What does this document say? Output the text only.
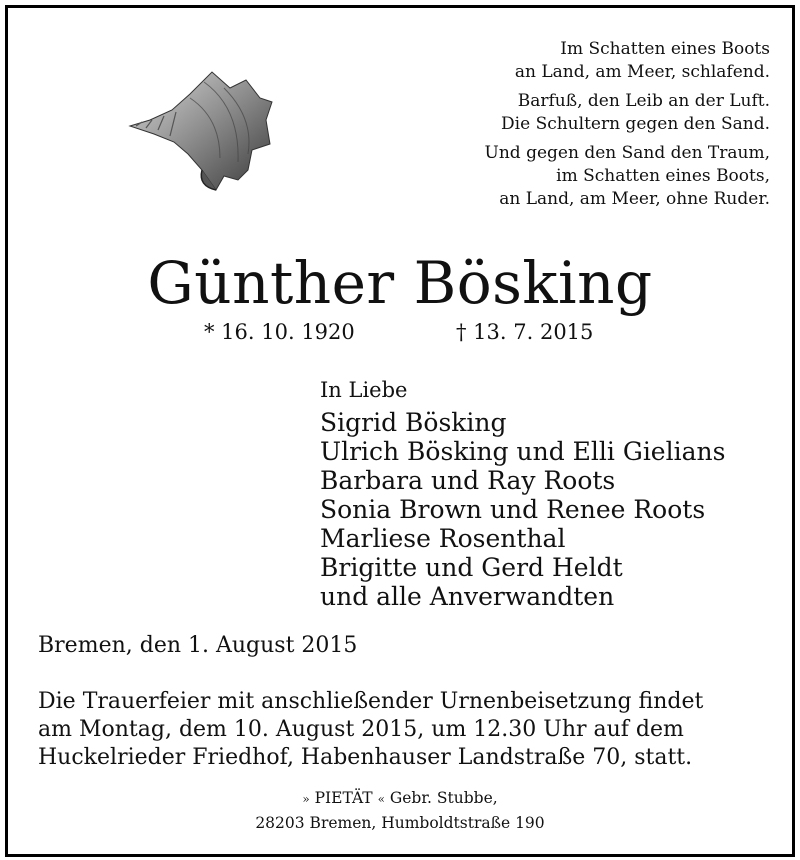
Im Schatten eines Boots
an Land, am Meer, schlafend.
Barfuß, den Leib an der Luft.
Die Schultern gegen den Sand.
Und gegen den Sand den Traum,
im Schatten eines Boots,
an Land, am Meer, ohne Ruder.
Günther Bösking
* 16. 10. 1920	† 13. 7. 2015
In Liebe
Sigrid Bösking
Ulrich Bösking und Elli Gielians
Barbara und Ray Roots
Sonia Brown und Renee Roots
Marliese Rosenthal
Brigitte und Gerd Heldt
und alle Anverwandten
Bremen, den 1. August 2015
Die Trauerfeier mit anschließender Urnenbeisetzung findet
am Montag, dem 10. August 2015, um 12.30 Uhr auf dem
Huckelrieder Friedhof, Habenhauser Landstraße 70, statt.
» PIETÄT « Gebr. Stubbe,
28203 Bremen, Humboldtstraße 190
